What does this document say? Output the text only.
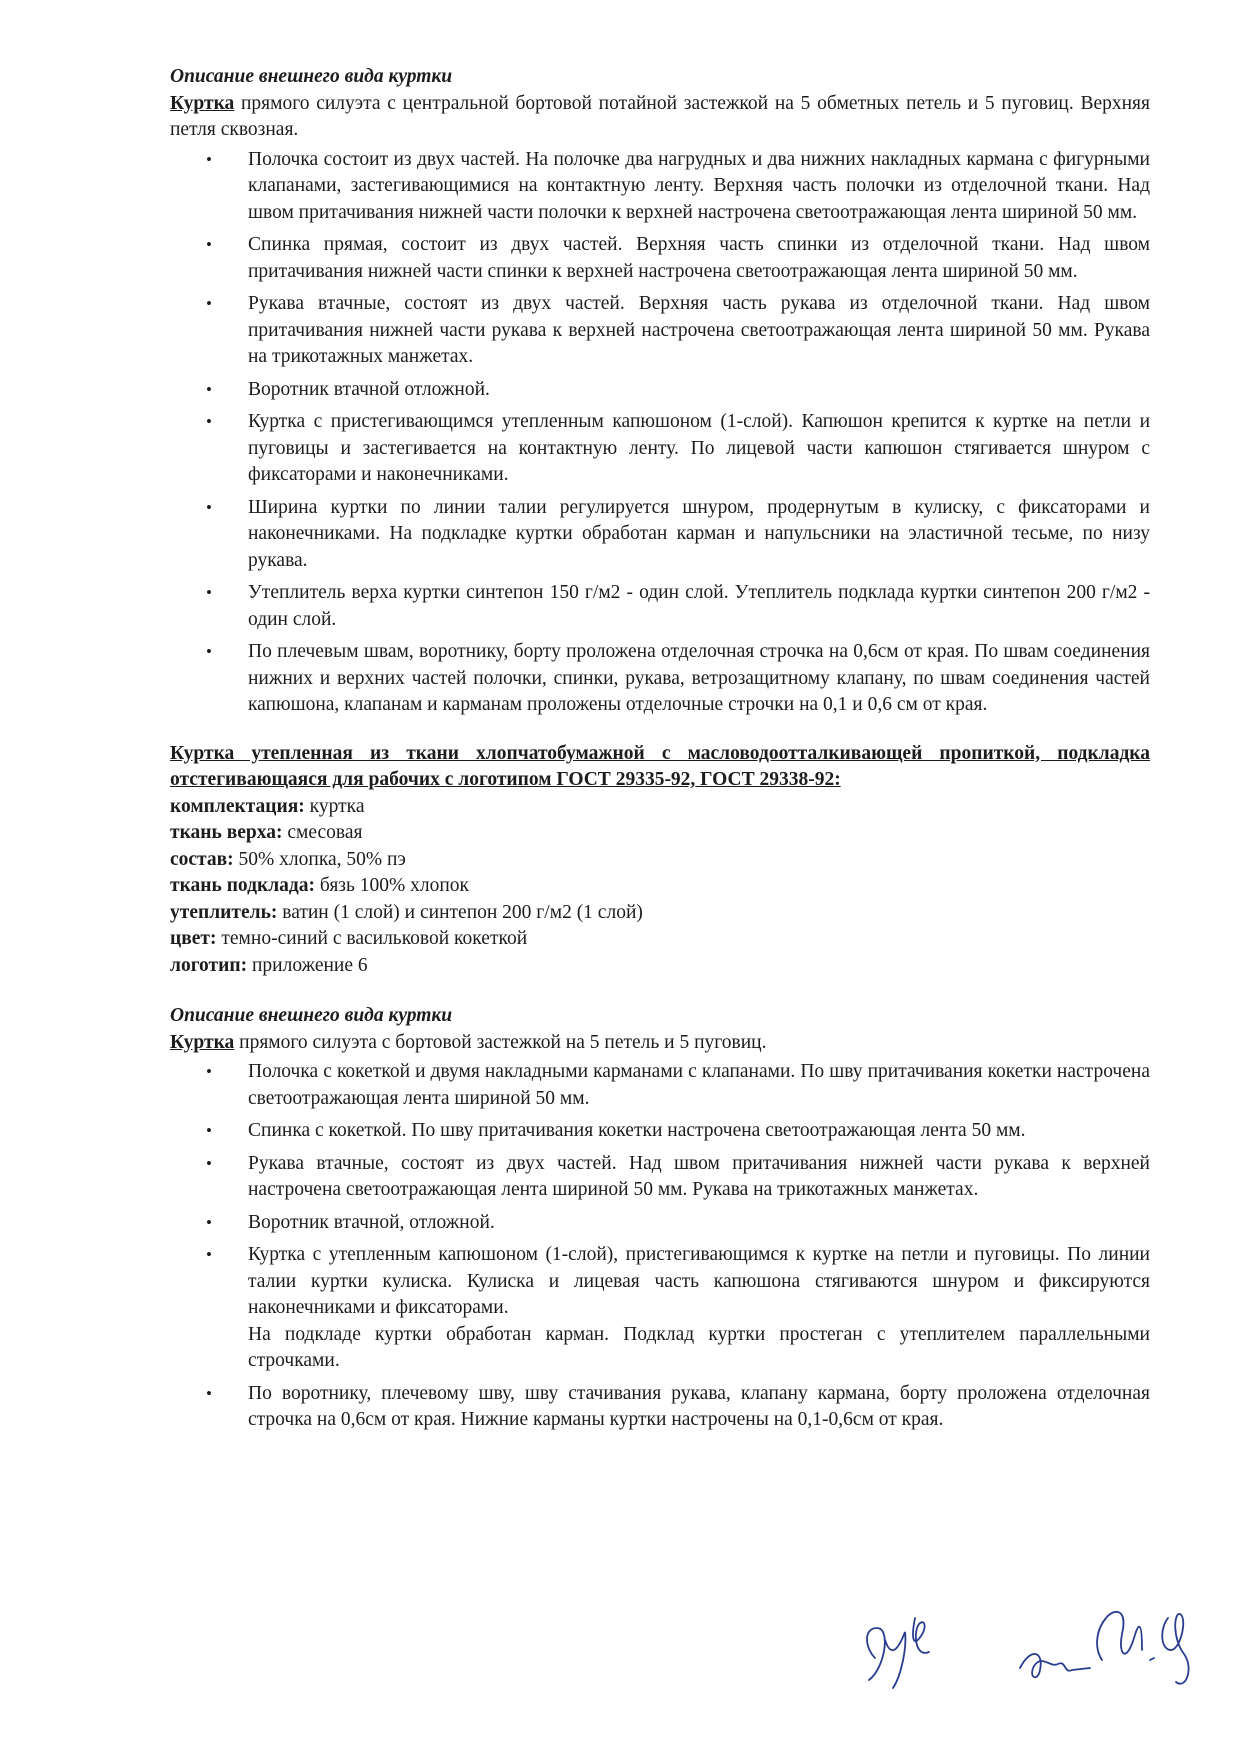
Описание внешнего вида куртки

Куртка прямого силуэта с центральной бортовой потайной застежкой на 5 обметных петель и 5 пуговиц. Верхняя петля сквозная.

• Полочка состоит из двух частей. На полочке два нагрудных и два нижних накладных кармана с фигурными клапанами, застегивающимися на контактную ленту. Верхняя часть полочки из отделочной ткани. Над швом притачивания нижней части полочки к верхней настрочена светоотражающая лента шириной 50 мм.
• Спинка прямая, состоит из двух частей. Верхняя часть спинки из отделочной ткани. Над швом притачивания нижней части спинки к верхней настрочена светоотражающая лента шириной 50 мм.
• Рукава втачные, состоят из двух частей. Верхняя часть рукава из отделочной ткани. Над швом притачивания нижней части рукава к верхней настрочена светоотражающая лента шириной 50 мм. Рукава на трикотажных манжетах.
• Воротник втачной отложной.
• Куртка с пристегивающимся утепленным капюшоном (1-слой). Капюшон крепится к куртке на петли и пуговицы и застегивается на контактную ленту. По лицевой части капюшон стягивается шнуром с фиксаторами и наконечниками.
• Ширина куртки по линии талии регулируется шнуром, продернутым в кулиску, с фиксаторами и наконечниками. На подкладке куртки обработан карман и напульсники на эластичной тесьме, по низу рукава.
• Утеплитель верха куртки синтепон 150 г/м2 - один слой. Утеплитель подклада куртки синтепон 200 г/м2 - один слой.
• По плечевым швам, воротнику, борту проложена отделочная строчка на 0,6см от края. По швам соединения нижних и верхних частей полочки, спинки, рукава, ветрозащитному клапану, по швам соединения частей капюшона, клапанам и карманам проложены отделочные строчки на 0,1 и 0,6 см от края.

Куртка утепленная из ткани хлопчатобумажной с масловодоотталкивающей пропиткой, подкладка отстегивающаяся для рабочих с логотипом ГОСТ 29335-92, ГОСТ 29338-92:

комплектация: куртка

ткань верха: смесовая

состав: 50% хлопка, 50% пэ

ткань подклада: бязь 100% хлопок

утеплитель: ватин (1 слой) и синтепон 200 г/м2 (1 слой)

цвет: темно-синий с васильковой кокеткой

логотип: приложение 6

Описание внешнего вида куртки

Куртка прямого силуэта с бортовой застежкой на 5 петель и 5 пуговиц.

• Полочка с кокеткой и двумя накладными карманами с клапанами. По шву притачивания кокетки настрочена светоотражающая лента шириной 50 мм.
• Спинка с кокеткой. По шву притачивания кокетки настрочена светоотражающая лента 50 мм.
• Рукава втачные, состоят из двух частей. Над швом притачивания нижней части рукава к верхней настрочена светоотражающая лента шириной 50 мм. Рукава на трикотажных манжетах.
• Воротник втачной, отложной.
• Куртка с утепленным капюшоном (1-слой), пристегивающимся к куртке на петли и пуговицы. По линии талии куртки кулиска. Кулиска и лицевая часть капюшона стягиваются шнуром и фиксируются наконечниками и фиксаторами.
На подкладе куртки обработан карман. Подклад куртки простеган с утеплителем параллельными строчками.
• По воротнику, плечевому шву, шву стачивания рукава, клапану кармана, борту проложена отделочная строчка на 0,6см от края. Нижние карманы куртки настрочены на 0,1-0,6см от края.
